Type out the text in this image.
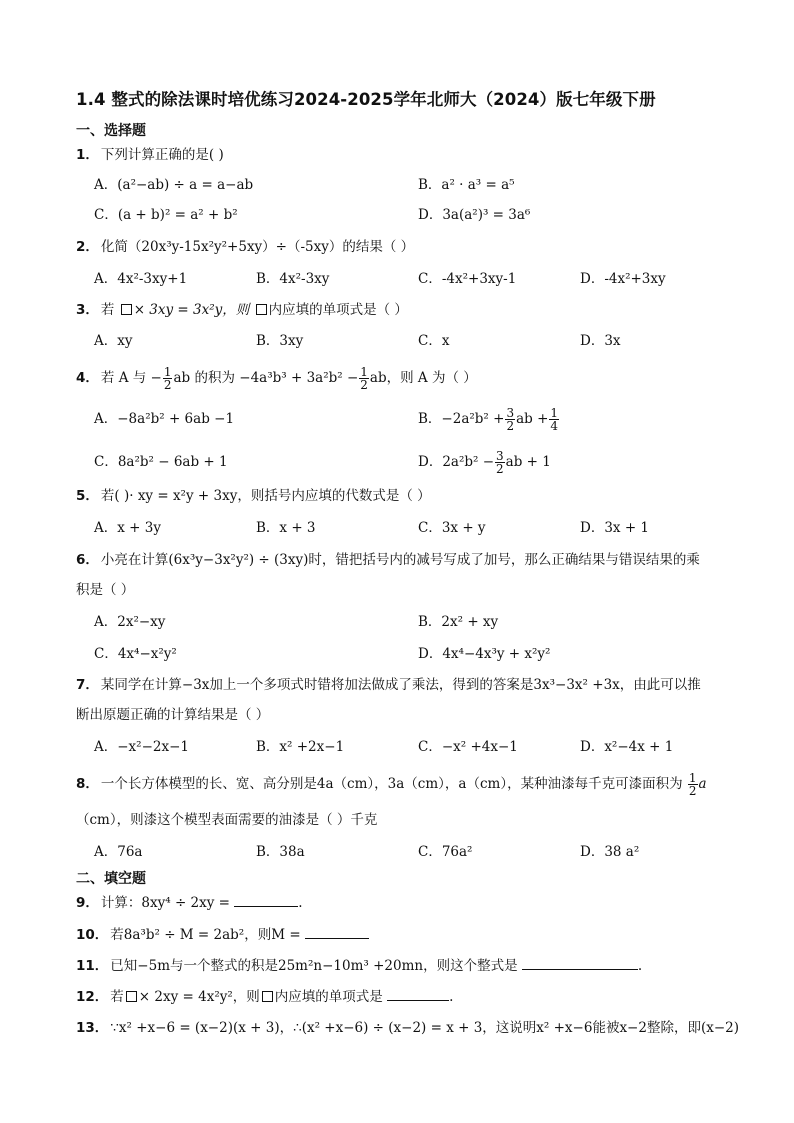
1.4 整式的除法课时培优练习2024-2025学年北师大（2024）版七年级下册
一、选择题
1． 下列计算正确的是( )
A．(a²−ab) ÷ a = a−ab	B．a² · a³ = a⁵
C．(a + b)² = a² + b²	D．3a(a²)³ = 3a⁶
2． 化简（20x³y-15x²y²+5xy）÷（-5xy）的结果（ ）
A．4x²-3xy+1	B．4x²-3xy	C．-4x²+3xy-1	D．-4x²+3xy
3． 若 × 3xy = 3x²y，则 内应填的单项式是（ ）
A．xy	B．3xy	C．x	D．3x
4． 若 A 与 − $\frac{1}{2}$ ab 的积为 $-4a^3b^3 + 3a^2b^2 - \frac{1}{2}$ ab，则 A 为（ ）
A．−8a²b² + 6ab −1	B．$-2a^2b^2 + \frac{3}{2}$ ab + $\frac{1}{4}$
C．8a²b² − 6ab + 1	D．$2a^2b^2 - \frac{3}{2}$ ab + 1
5． 若( )· xy = x²y + 3xy，则括号内应填的代数式是（ ）
A．x + 3y	B．x + 3	C．3x + y	D．3x + 1
6． 小亮在计算(6x³y−3x²y²) ÷ (3xy)时，错把括号内的减号写成了加号，那么正确结果与错误结果的乘
积是（ ）
A．2x²−xy	B．2x² + xy
C．4x⁴−x²y²	D．4x⁴−4x³y + x²y²
7． 某同学在计算−3x加上一个多项式时错将加法做成了乘法，得到的答案是3x³−3x² +3x，由此可以推
断出原题正确的计算结果是（ ）
A．−x²−2x−1	B．x² +2x−1	C．−x² +4x−1	D．x²−4x + 1
8． 一个长方体模型的长、宽、高分别是4a（cm），3a（cm），a（cm），某种油漆每千克可漆面积为 $\frac{1}{2}$ a
（cm），则漆这个模型表面需要的油漆是（ ）千克
A．76a	B．38a	C．76a²	D．38 a²
二、填空题
9． 计算：8xy⁴ ÷ 2xy =	.
10． 若8a³b² ÷ M = 2ab²，则M =
11． 已知−5m与一个整式的积是25m²n−10m³ +20mn，则这个整式是	.
12． 若 × 2xy = 4x²y²，则 内应填的单项式是	.
13． ∵x² +x−6 = (x−2)(x + 3)，∴(x² +x−6) ÷ (x−2) = x + 3，这说明x² +x−6能被x−2整除，即(x−2)
